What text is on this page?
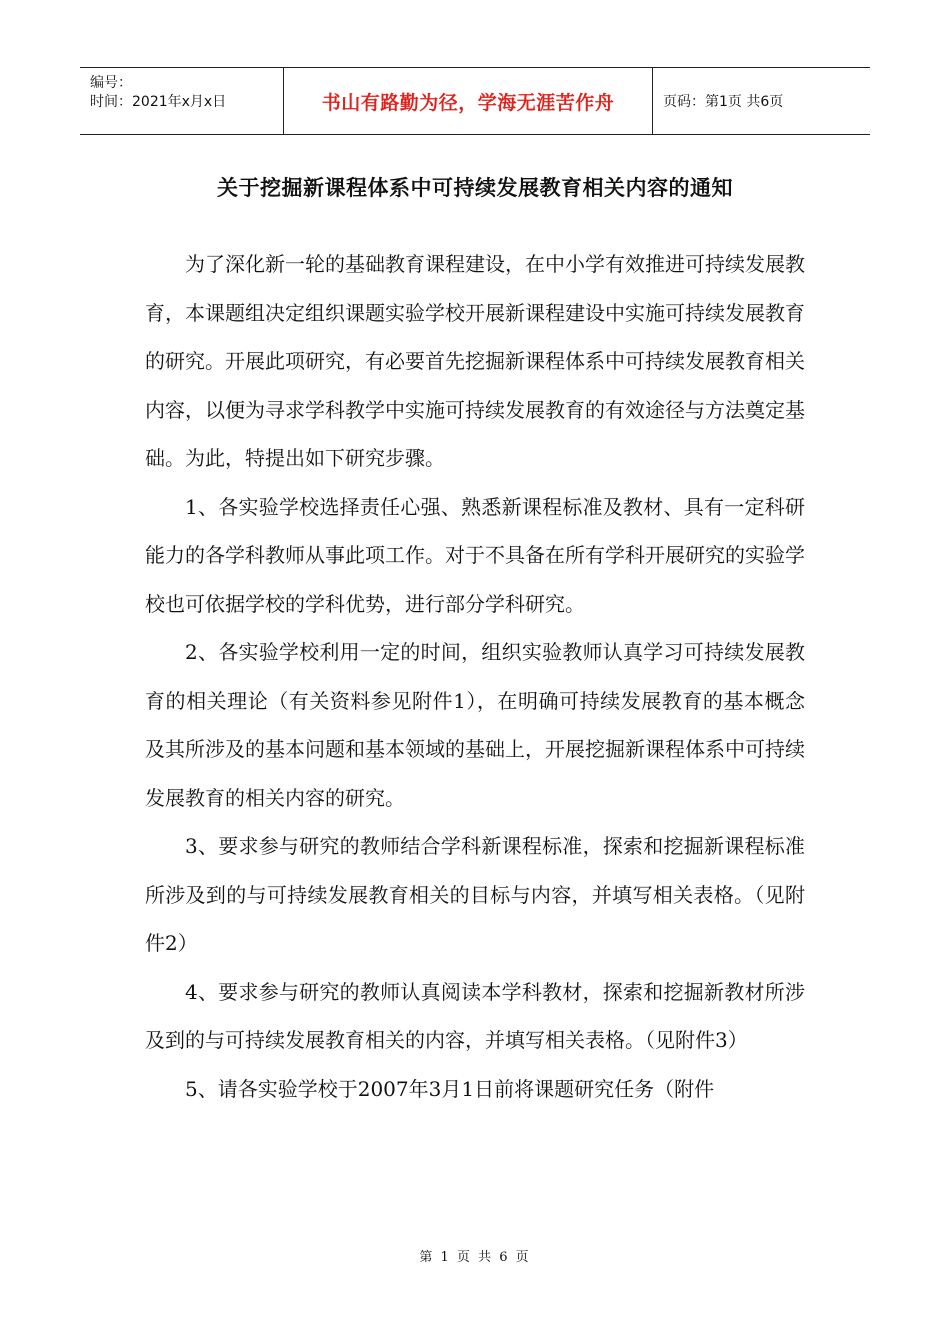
编号：
时间：2021年x月x日	书山有路勤为径，学海无涯苦作舟	页码：第1页 共6页
关于挖掘新课程体系中可持续发展教育相关内容的通知

为了深化新一轮的基础教育课程建设，在中小学有效推进可持续发展教育，本课题组决定组织课题实验学校开展新课程建设中实施可持续发展教育的研究。开展此项研究，有必要首先挖掘新课程体系中可持续发展教育相关内容，以便为寻求学科教学中实施可持续发展教育的有效途径与方法奠定基础。为此，特提出如下研究步骤。

1、各实验学校选择责任心强、熟悉新课程标准及教材、具有一定科研能力的各学科教师从事此项工作。对于不具备在所有学科开展研究的实验学校也可依据学校的学科优势，进行部分学科研究。

2、各实验学校利用一定的时间，组织实验教师认真学习可持续发展教育的相关理论（有关资料参见附件1），在明确可持续发展教育的基本概念及其所涉及的基本问题和基本领域的基础上，开展挖掘新课程体系中可持续发展教育的相关内容的研究。

3、要求参与研究的教师结合学科新课程标准，探索和挖掘新课程标准所涉及到的与可持续发展教育相关的目标与内容，并填写相关表格。（见附件2）

4、要求参与研究的教师认真阅读本学科教材，探索和挖掘新教材所涉及到的与可持续发展教育相关的内容，并填写相关表格。（见附件3）

5、请各实验学校于2007年3月1日前将课题研究任务（附件

第 1 页 共 6 页
